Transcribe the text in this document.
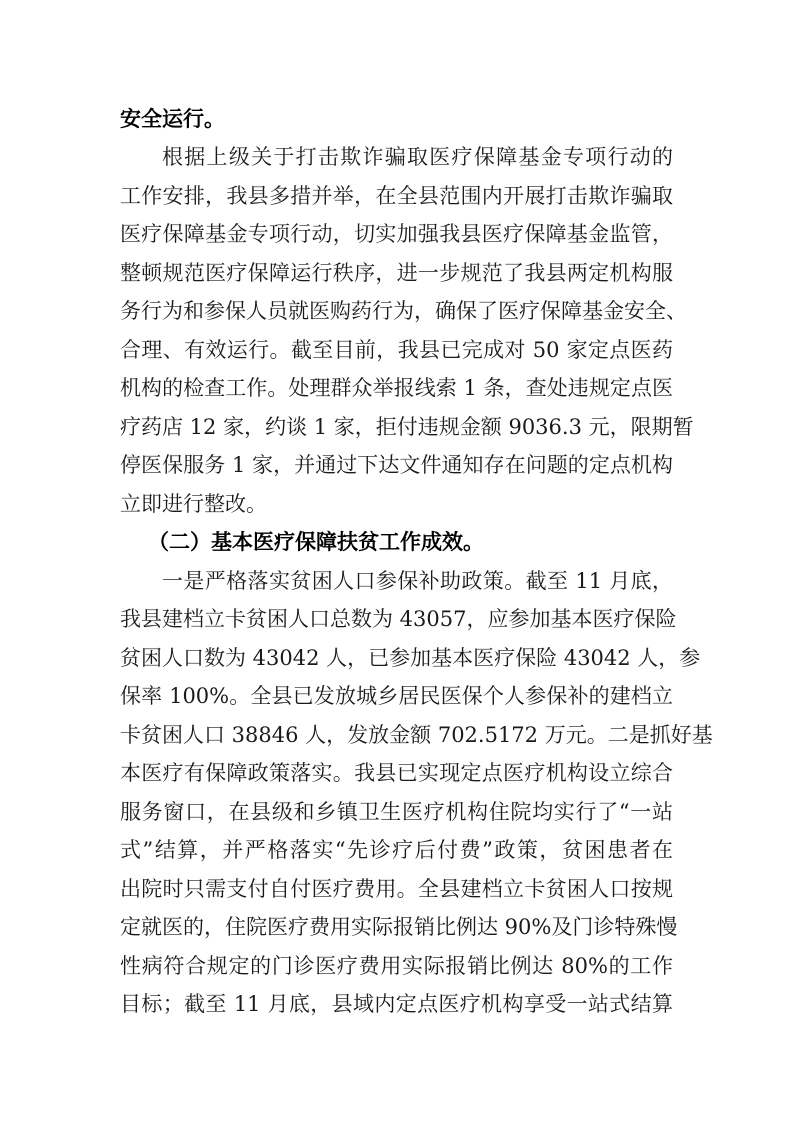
安全运行。
根据上级关于打击欺诈骗取医疗保障基金专项行动的
工作安排，我县多措并举，在全县范围内开展打击欺诈骗取
医疗保障基金专项行动，切实加强我县医疗保障基金监管，
整顿规范医疗保障运行秩序，进一步规范了我县两定机构服
务行为和参保人员就医购药行为，确保了医疗保障基金安全、
合理、有效运行。截至目前，我县已完成对 50 家定点医药
机构的检查工作。处理群众举报线索 1 条，查处违规定点医
疗药店 12 家，约谈 1 家，拒付违规金额 9036.3 元，限期暂
停医保服务 1 家，并通过下达文件通知存在问题的定点机构
立即进行整改。
（二）基本医疗保障扶贫工作成效。
一是严格落实贫困人口参保补助政策。截至 11 月底，
我县建档立卡贫困人口总数为 43057，应参加基本医疗保险
贫困人口数为 43042 人，已参加基本医疗保险 43042 人，参
保率 100%。全县已发放城乡居民医保个人参保补的建档立
卡贫困人口 38846 人，发放金额 702.5172 万元。二是抓好基
本医疗有保障政策落实。我县已实现定点医疗机构设立综合
服务窗口，在县级和乡镇卫生医疗机构住院均实行了“一站
式”结算，并严格落实“先诊疗后付费”政策，贫困患者在
出院时只需支付自付医疗费用。全县建档立卡贫困人口按规
定就医的，住院医疗费用实际报销比例达 90%及门诊特殊慢
性病符合规定的门诊医疗费用实际报销比例达 80%的工作
目标；截至 11 月底，县域内定点医疗机构享受一站式结算
